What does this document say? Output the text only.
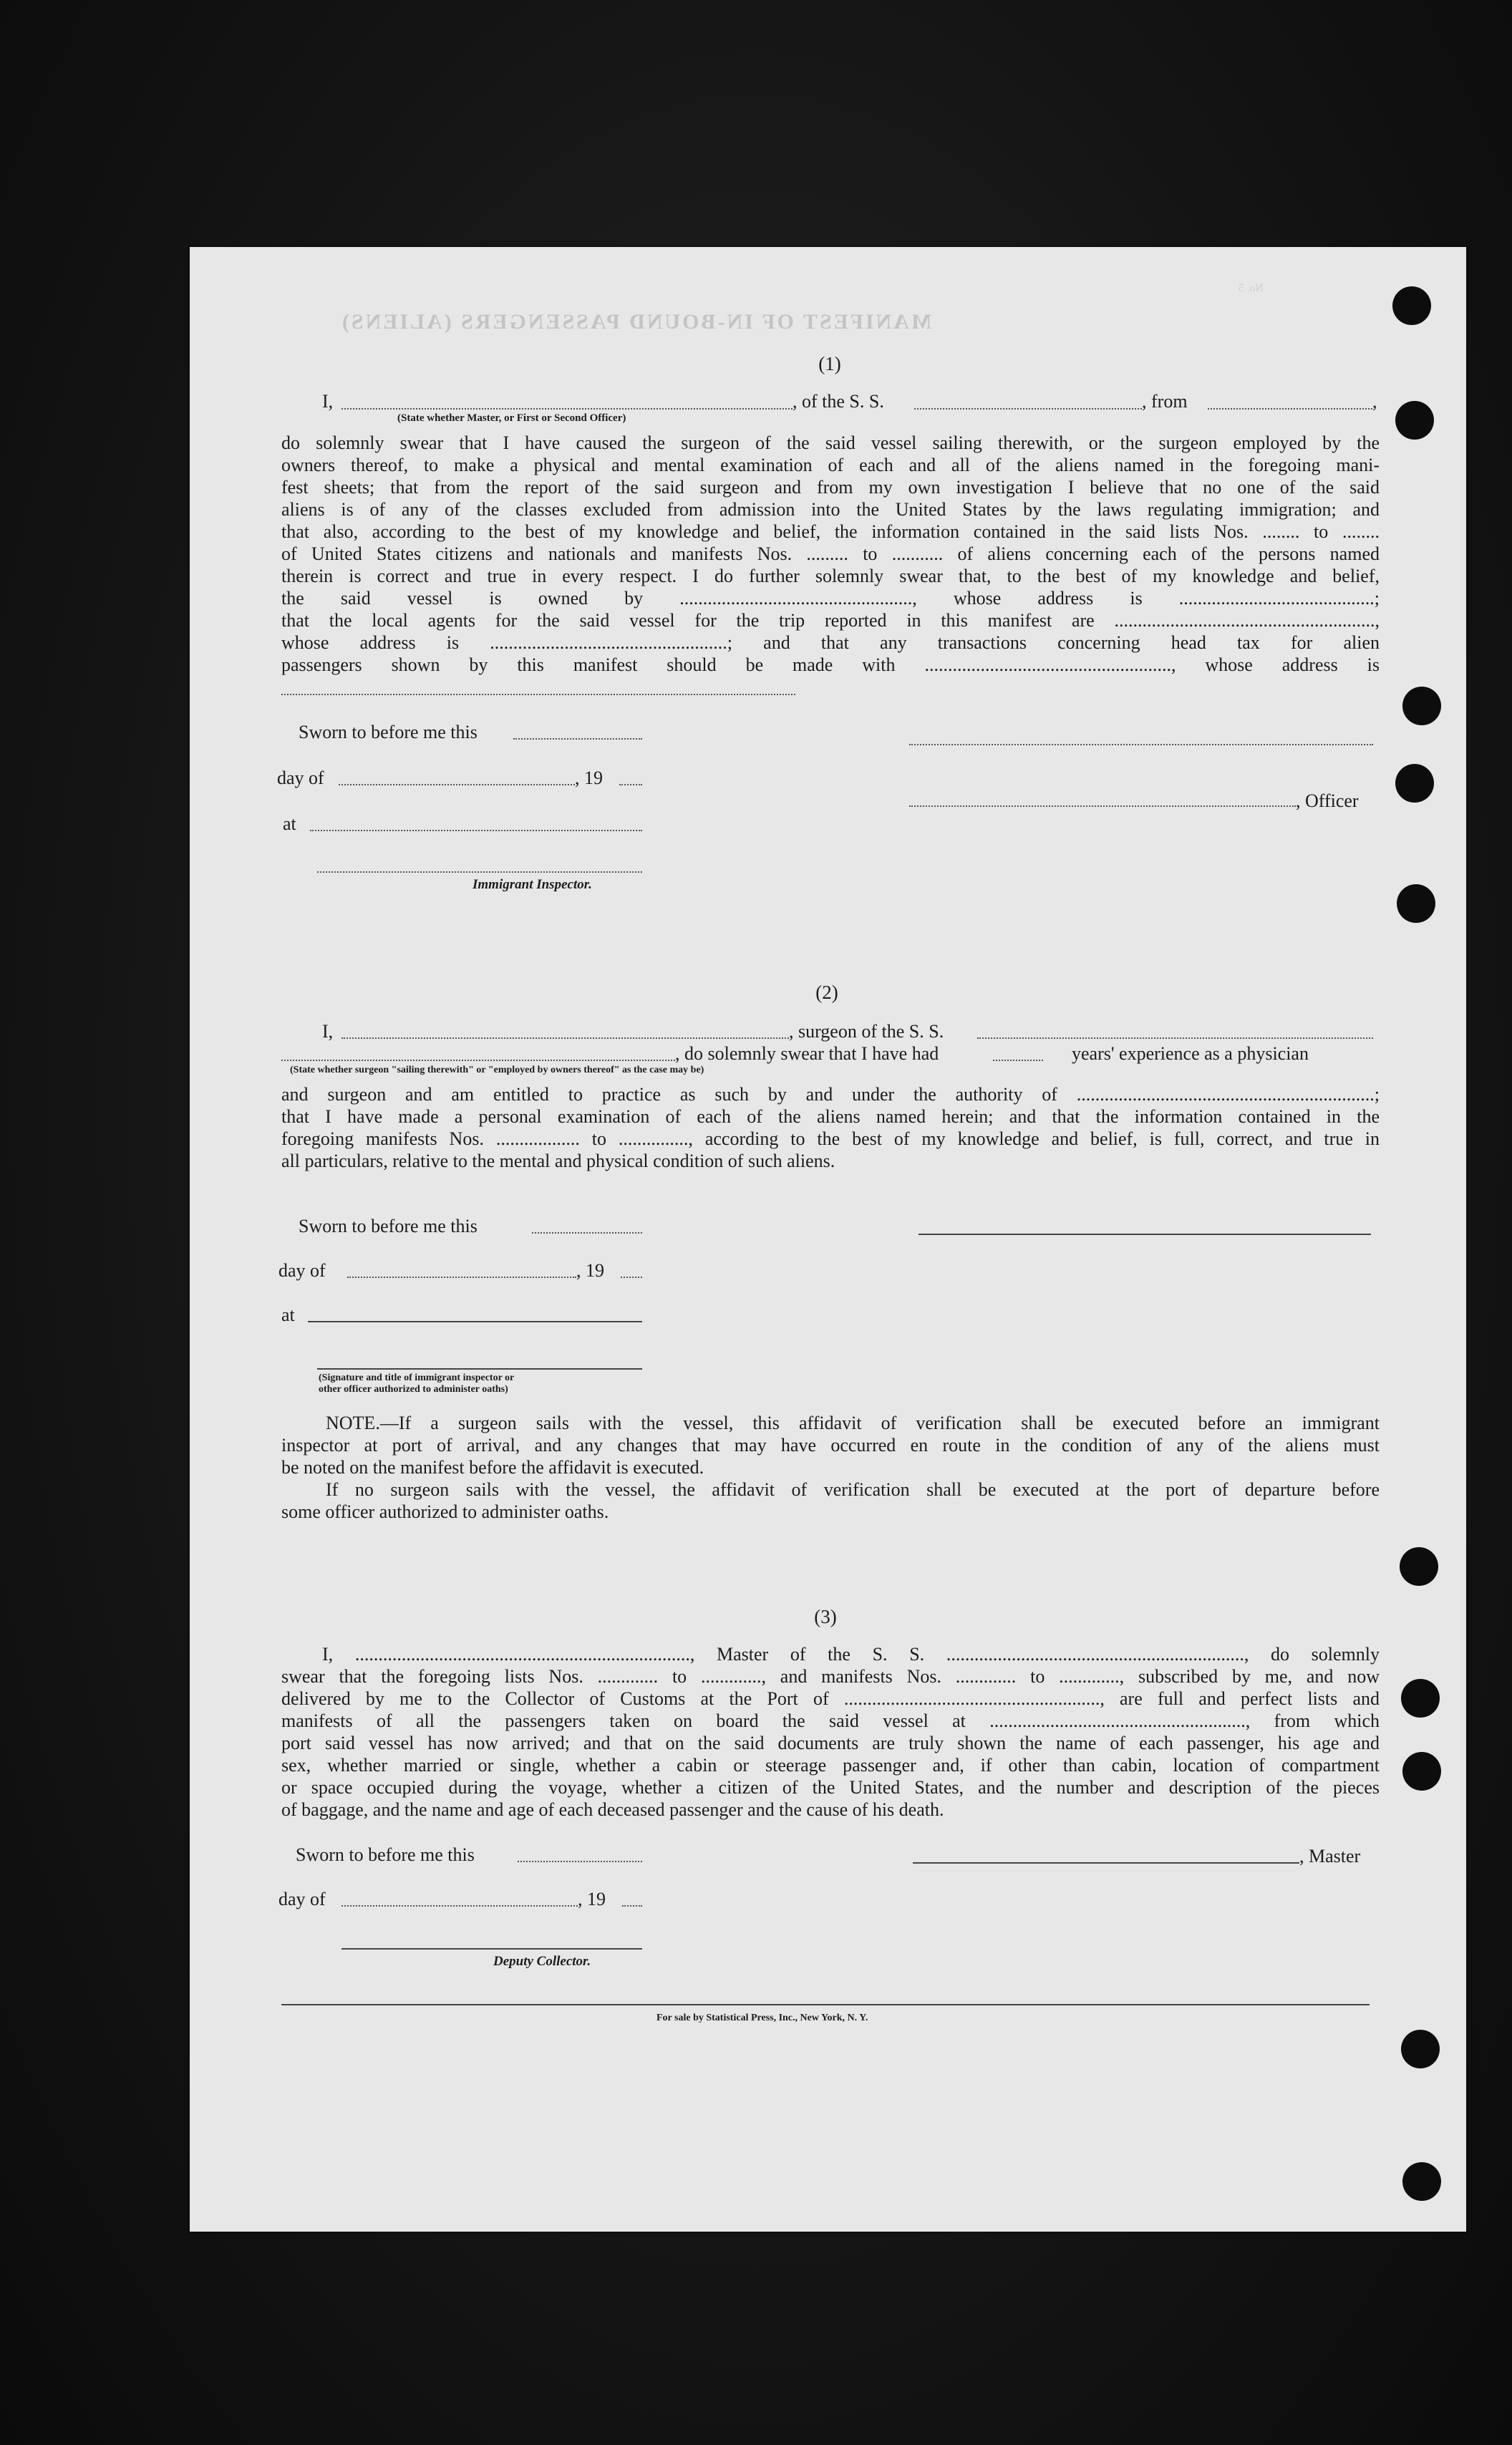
MANIFEST OF IN-BOUND PASSENGERS (ALIENS)
No. 5
(1)
I,	, of the S. S.	, from	,
(State whether Master, or First or Second Officer)
do solemnly swear that I have caused the surgeon of the said vessel sailing therewith, or the surgeon employed by the
owners thereof, to make a physical and mental examination of each and all of the aliens named in the foregoing mani-
fest sheets; that from the report of the said surgeon and from my own investigation I believe that no one of the said
aliens is of any of the classes excluded from admission into the United States by the laws regulating immigration; and
that also, according to the best of my knowledge and belief, the information contained in the said lists Nos. ........ to ........
of United States citizens and nationals and manifests Nos. ......... to ........... of aliens concerning each of the persons named
therein is correct and true in every respect. I do further solemnly swear that, to the best of my knowledge and belief,
the said vessel is owned by .................................................., whose address is ..........................................;
that the local agents for the said vessel for the trip reported in this manifest are ........................................................,
whose address is ...................................................; and that any transactions concerning head tax for alien
passengers shown by this manifest should be made with ....................................................., whose address is
Sworn to before me this
day of	, 19
, Officer
at
Immigrant Inspector.
(2)
I,	, surgeon of the S. S.
, do solemnly swear that I have had	years' experience as a physician
(State whether surgeon "sailing therewith" or "employed by owners thereof" as the case may be)
and surgeon and am entitled to practice as such by and under the authority of ................................................................;
that I have made a personal examination of each of the aliens named herein; and that the information contained in the
foregoing manifests Nos. .................. to ..............., according to the best of my knowledge and belief, is full, correct, and true in
all particulars, relative to the mental and physical condition of such aliens.
Sworn to before me this
day of	, 19
at
(Signature and title of immigrant inspector or
other officer authorized to administer oaths)
NOTE.—If a surgeon sails with the vessel, this affidavit of verification shall be executed before an immigrant
inspector at port of arrival, and any changes that may have occurred en route in the condition of any of the aliens must
be noted on the manifest before the affidavit is executed.
If no surgeon sails with the vessel, the affidavit of verification shall be executed at the port of departure before
some officer authorized to administer oaths.
(3)
I, ........................................................................, Master of the S. S. ................................................................, do solemnly
swear that the foregoing lists Nos. ............. to ............., and manifests Nos. ............. to ............., subscribed by me, and now
delivered by me to the Collector of Customs at the Port of ......................................................., are full and perfect lists and
manifests of all the passengers taken on board the said vessel at ......................................................., from which
port said vessel has now arrived; and that on the said documents are truly shown the name of each passenger, his age and
sex, whether married or single, whether a cabin or steerage passenger and, if other than cabin, location of compartment
or space occupied during the voyage, whether a citizen of the United States, and the number and description of the pieces
of baggage, and the name and age of each deceased passenger and the cause of his death.
Sworn to before me this	, Master
day of	, 19
Deputy Collector.
For sale by Statistical Press, Inc., New York, N. Y.
